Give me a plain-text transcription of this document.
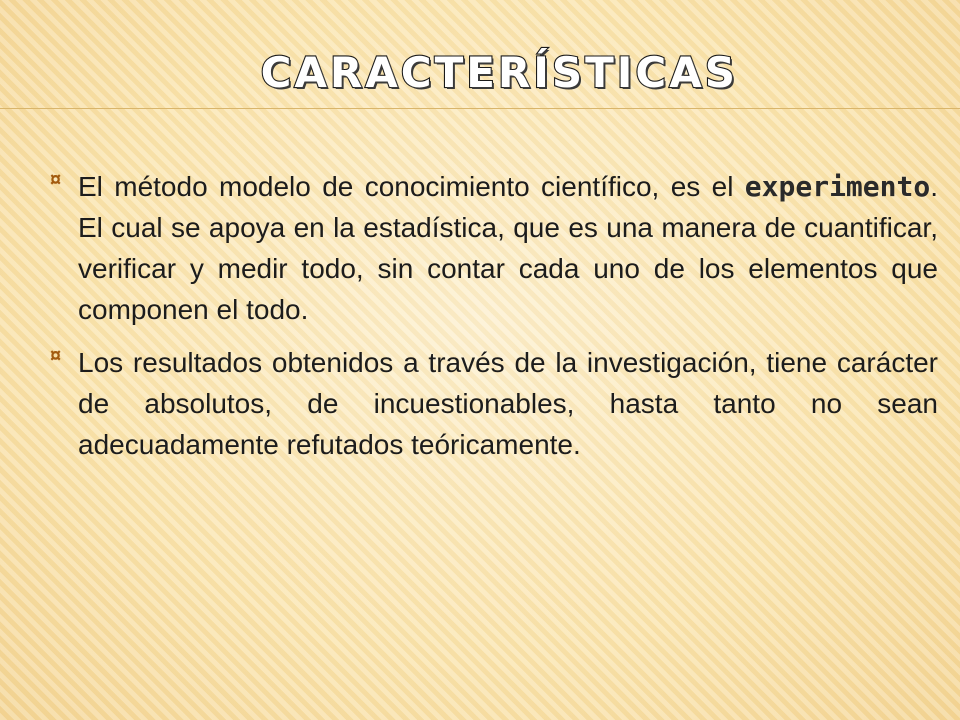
CARACTERÍSTICAS
¤ El método modelo de conocimiento científico, es el experimento. El cual se apoya en la estadística, que es una manera de cuantificar, verificar y medir todo, sin contar cada uno de los elementos que componen el todo.
¤ Los resultados obtenidos a través de la investigación, tiene carácter de absolutos, de incuestionables, hasta tanto no sean adecuadamente refutados teóricamente.
